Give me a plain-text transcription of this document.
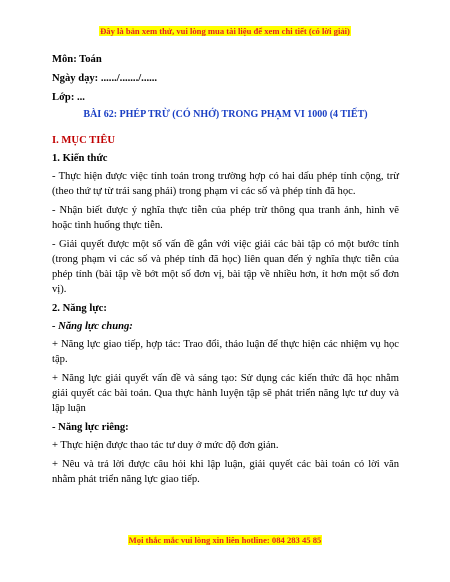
Đây là bản xem thử, vui lòng mua tài liệu để xem chi tiết (có lời giải)

Môn: Toán

Ngày dạy: ....../......./......

Lớp: ...

BÀI 62: PHÉP TRỪ (CÓ NHỚ) TRONG PHẠM VI 1000 (4 TIẾT)

I. MỤC TIÊU

1. Kiến thức

- Thực hiện được việc tính toán trong trường hợp có hai dấu phép tính cộng, trừ (theo thứ tự từ trái sang phải) trong phạm vi các số và phép tính đã học.

- Nhận biết được ý nghĩa thực tiễn của phép trừ thông qua tranh ảnh, hình vẽ hoặc tình huống thực tiễn.

- Giải quyết được một số vấn đề gắn với việc giải các bài tập có một bước tính (trong phạm vi các số và phép tính đã học) liên quan đến ý nghĩa thực tiễn của phép tính (bài tập về bớt một số đơn vị, bài tập về nhiều hơn, ít hơn một số đơn vị).

2. Năng lực:

- Năng lực chung:

+ Năng lực giao tiếp, hợp tác: Trao đổi, thảo luận để thực hiện các nhiệm vụ học tập.

+ Năng lực giải quyết vấn đề và sáng tạo: Sử dụng các kiến thức đã học nhằm giải quyết các bài toán. Qua thực hành luyện tập sẽ phát triển năng lực tư duy và lập luận

- Năng lực riêng:

+ Thực hiện được thao tác tư duy ở mức độ đơn giản.

+ Nêu và trả lời được câu hỏi khi lập luận, giải quyết các bài toán có lời văn nhằm phát triển năng lực giao tiếp.

Mọi thắc mắc vui lòng xin liên hotline: 084 283 45 85
